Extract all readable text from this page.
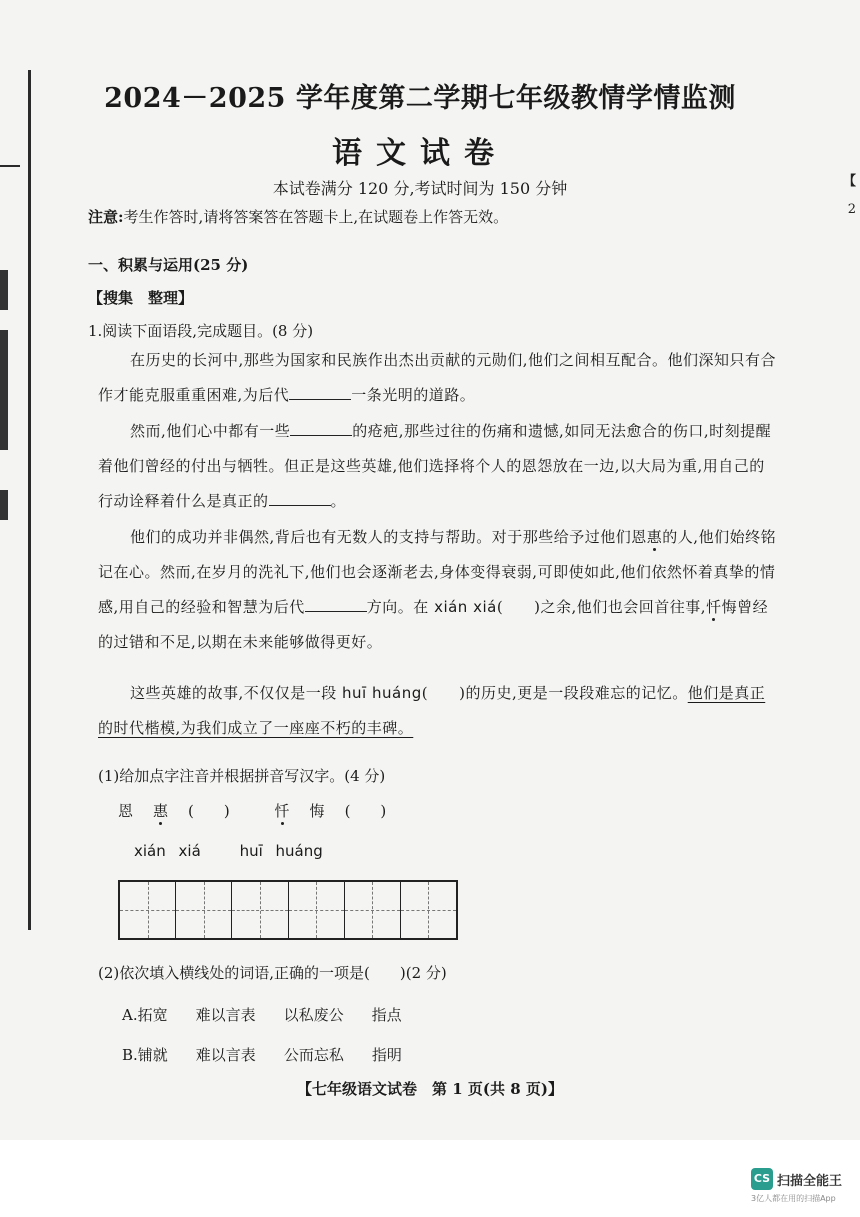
【
2
2024－2025 学年度第二学期七年级教情学情监测
语文试卷
本试卷满分 120 分,考试时间为 150 分钟
注意:考生作答时,请将答案答在答题卡上,在试题卷上作答无效。
一、积累与运用(25 分)
【搜集　整理】
1.阅读下面语段,完成题目。(8 分)
在历史的长河中,那些为国家和民族作出杰出贡献的元勋们,他们之间相互配合。他们深知只有合作才能克服重重困难,为后代	一条光明的道路。
然而,他们心中都有一些	的疮疤,那些过往的伤痛和遗憾,如同无法愈合的伤口,时刻提醒着他们曾经的付出与牺牲。但正是这些英雄,他们选择将个人的恩怨放在一边,以大局为重,用自己的行动诠释着什么是真正的	。
他们的成功并非偶然,背后也有无数人的支持与帮助。对于那些给予过他们恩惠的人,他们始终铭记在心。然而,在岁月的洗礼下,他们也会逐渐老去,身体变得衰弱,可即使如此,他们依然怀着真挚的情感,用自己的经验和智慧为后代	方向。在 xián xiá(　　)之余,他们也会回首往事,忏悔曾经的过错和不足,以期在未来能够做得更好。
这些英雄的故事,不仅仅是一段 huī huáng(　　)的历史,更是一段段难忘的记忆。他们是真正的时代楷模,为我们成立了一座座不朽的丰碑。
(1)给加点字注音并根据拼音写汉字。(4 分)
恩 惠 (　　)	忏 悔 (　　)
xián xiá	huī huáng
(2)依次填入横线处的词语,正确的一项是(　　)(2 分)
A.拓宽 难以言表 以私废公 指点
B.铺就 难以言表 公而忘私 指明
【七年级语文试卷　第 1 页(共 8 页)】
CS 扫描全能王
3亿人都在用的扫描App
